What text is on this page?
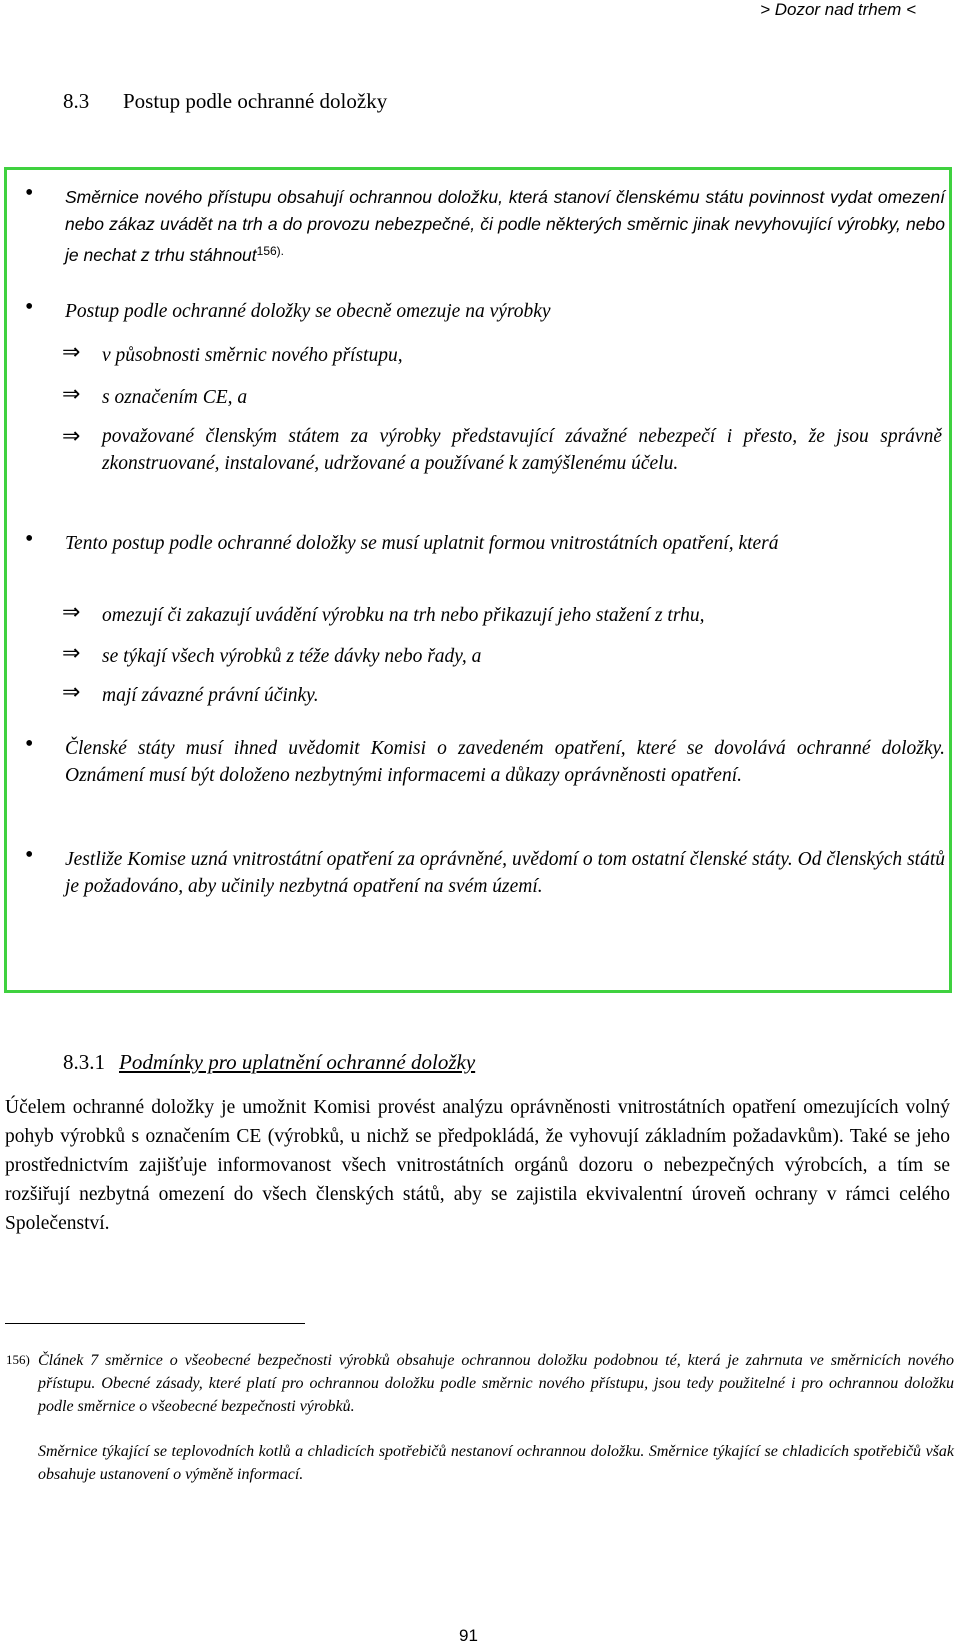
> Dozor nad trhem <
8.3 Postup podle ochranné doložky
• Směrnice nového přístupu obsahují ochrannou doložku, která stanoví členskému státu povinnost vydat omezení nebo zákaz uvádět na trh a do provozu nebezpečné, či podle některých směrnic jinak nevyhovující výrobky, nebo je nechat z trhu stáhnout$^{156).}$
• Postup podle ochranné doložky se obecně omezuje na výrobky
⇒ v působnosti směrnic nového přístupu,
⇒ s označením CE, a
⇒ považované členským státem za výrobky představující závažné nebezpečí i přesto, že jsou správně zkonstruované, instalované, udržované a používané k zamýšlenému účelu.
• Tento postup podle ochranné doložky se musí uplatnit formou vnitrostátních opatření, která
⇒ omezují či zakazují uvádění výrobku na trh nebo přikazují jeho stažení z trhu,
⇒ se týkají všech výrobků z téže dávky nebo řady, a
⇒ mají závazné právní účinky.
• Členské státy musí ihned uvědomit Komisi o zavedeném opatření, které se dovolává ochranné doložky. Oznámení musí být doloženo nezbytnými informacemi a důkazy oprávněnosti opatření.
• Jestliže Komise uzná vnitrostátní opatření za oprávněné, uvědomí o tom ostatní členské státy. Od členských států je požadováno, aby učinily nezbytná opatření na svém území.
8.3.1 Podmínky pro uplatnění ochranné doložky
Účelem ochranné doložky je umožnit Komisi provést analýzu oprávněnosti vnitrostátních opatření omezujících volný pohyb výrobků s označením CE (výrobků, u nichž se předpokládá, že vyhovují základním požadavkům). Také se jeho prostřednictvím zajišťuje informovanost všech vnitrostátních orgánů dozoru o nebezpečných výrobcích, a tím se rozšiřují nezbytná omezení do všech členských států, aby se zajistila ekvivalentní úroveň ochrany v rámci celého Společenství.
156) Článek 7 směrnice o všeobecné bezpečnosti výrobků obsahuje ochrannou doložku podobnou té, která je zahrnuta ve směrnicích nového přístupu. Obecné zásady, které platí pro ochrannou doložku podle směrnic nového přístupu, jsou tedy použitelné i pro ochrannou doložku podle směrnice o všeobecné bezpečnosti výrobků.
Směrnice týkající se teplovodních kotlů a chladicích spotřebičů nestanoví ochrannou doložku. Směrnice týkající se chladicích spotřebičů však obsahuje ustanovení o výměně informací.
91
